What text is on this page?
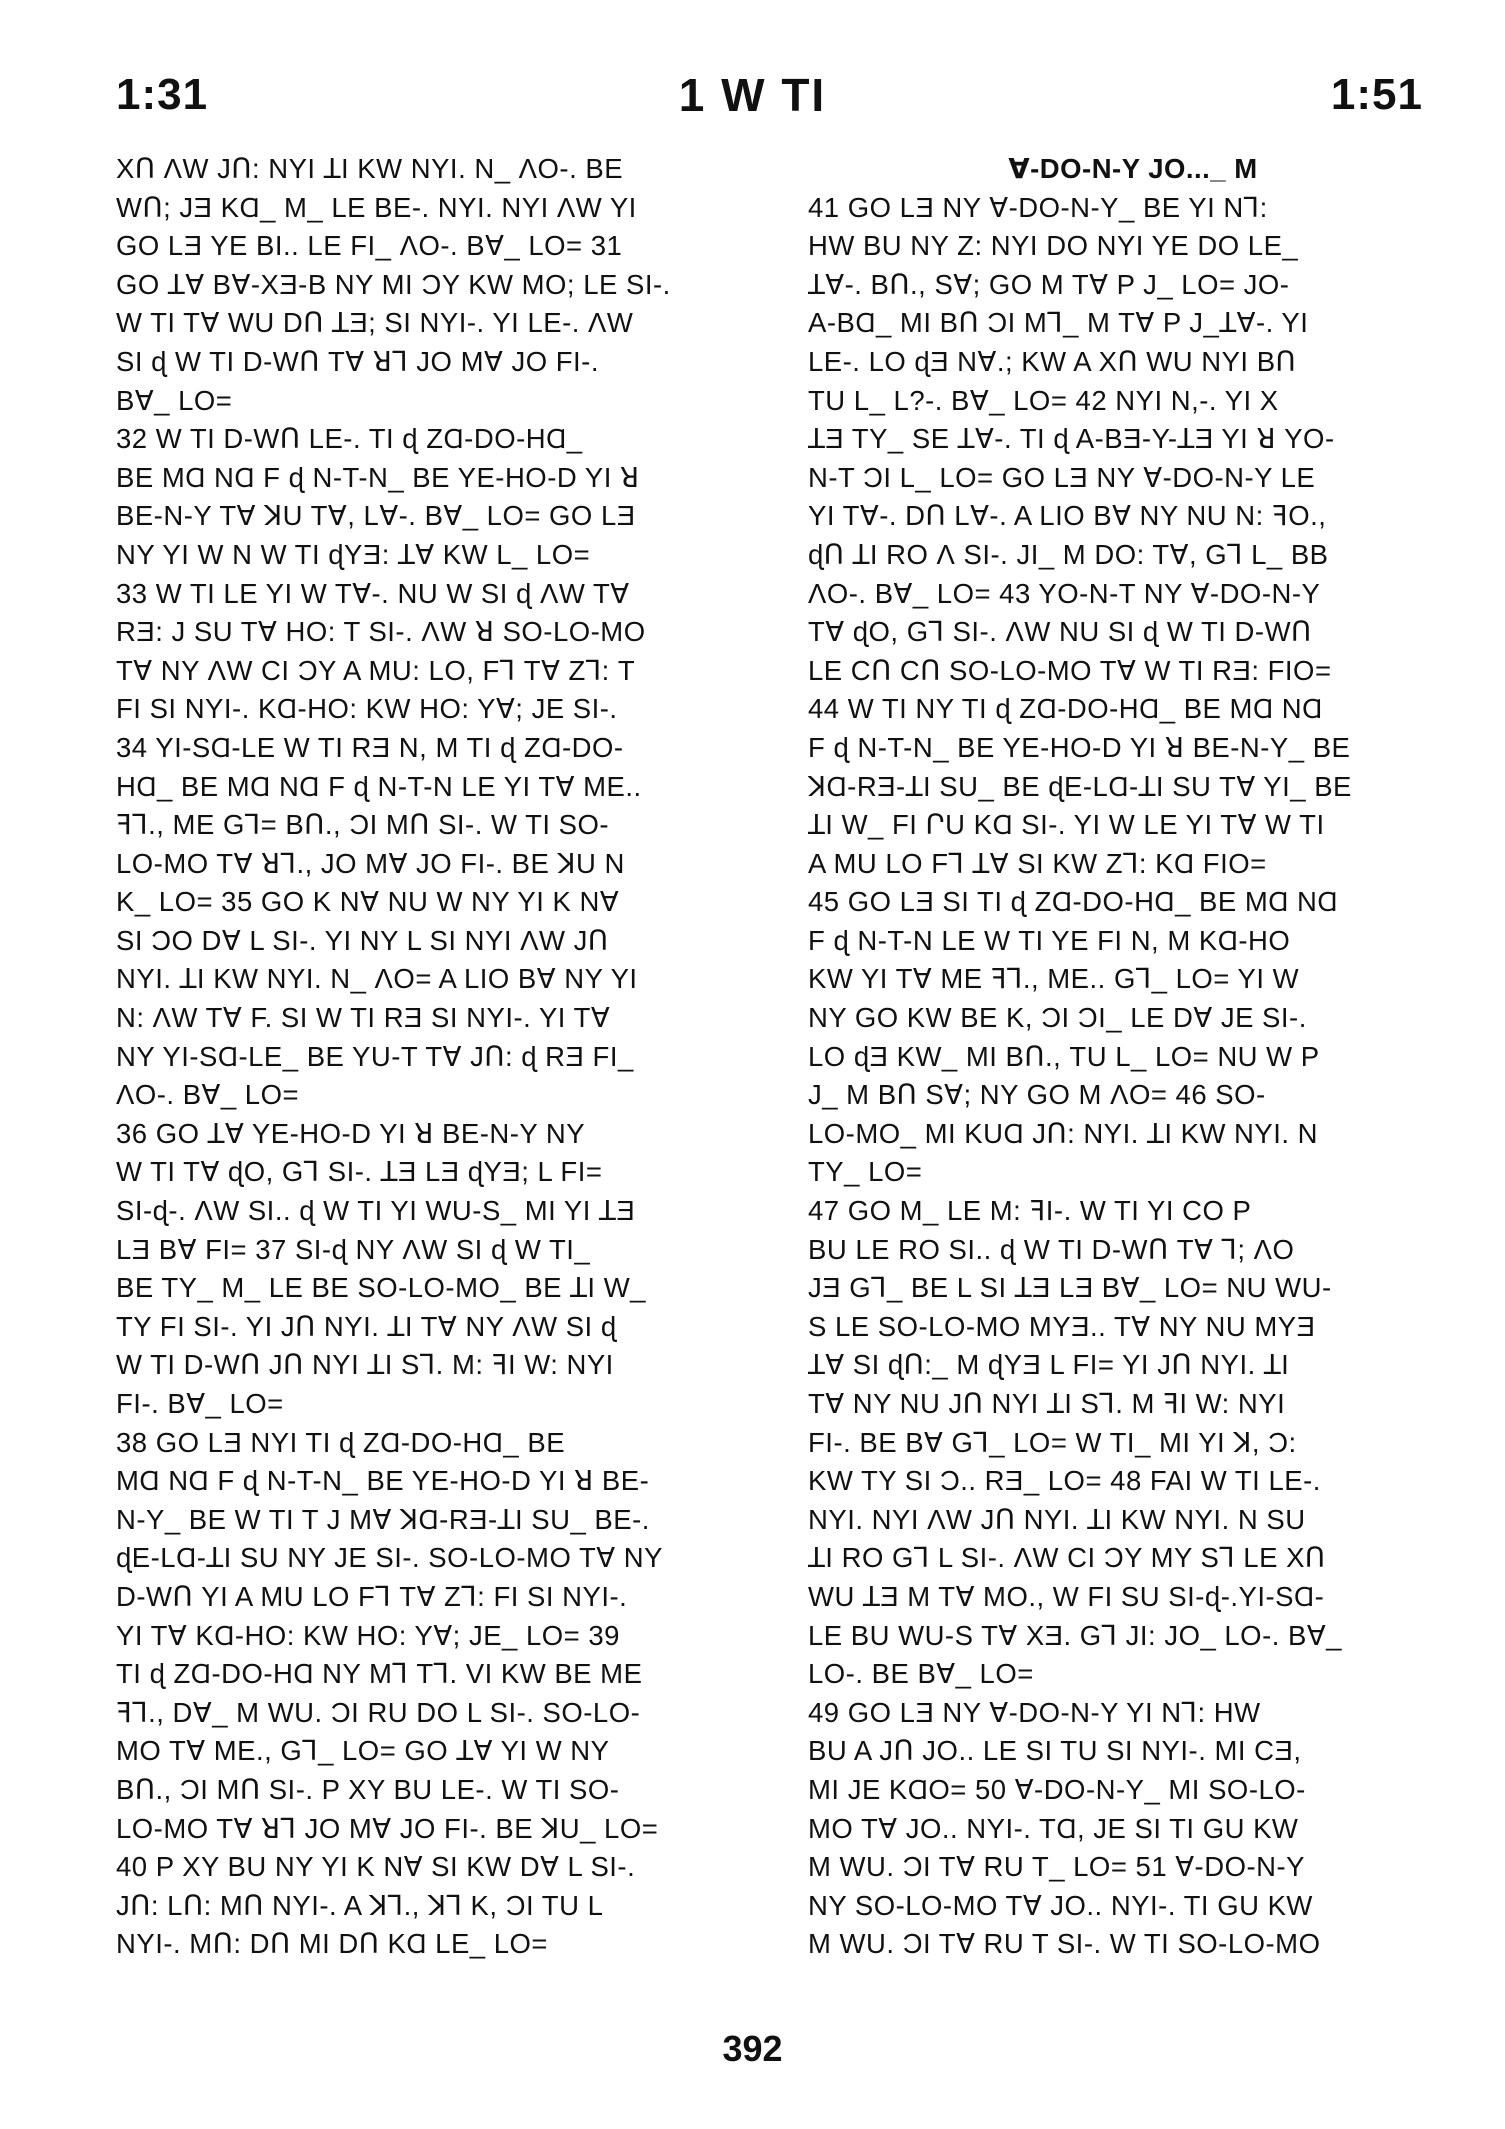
1:31	1 W TI	1:51
XՈ ɅW JՈ: NYI ꓕI KW NYI. N_ ɅO-. BE
WՈ; JƎ KⱭ_ M_ LE BE-. NYI. NYI ɅW YI
GO LƎ YE BI.. LE FI_ ɅO-. BⱯ_ LO= 31
GO ꓕⱯ BⱯ-XƎ-B NY MI ƆY KW MO; LE SI-.
W TI TⱯ WU DՈ ꓕƎ; SI NYI-. YI LE-. ɅW
SI ɖ W TI D-WՈ TⱯ ꓤꓶ JO MⱯ JO FI-.
BⱯ_ LO=
32 W TI D-WՈ LE-. TI ɖ ZⱭ-DO-HⱭ_
BE MⱭ NⱭ F ɖ N-T-N_ BE YE-HO-D YI ꓤ
BE-N-Y TⱯ ꓘU TⱯ, LⱯ-. BⱯ_ LO= GO LƎ
NY YI W N W TI ɖYƎ: ꓕⱯ KW L_ LO=
33 W TI LE YI W TⱯ-. NU W SI ɖ ɅW TⱯ
RƎ: J SU TⱯ HO: T SI-. ɅW ꓤ SO-LO-MO
TⱯ NY ɅW CI ƆY A MU: LO, Fꓶ TⱯ Zꓶ: T
FI SI NYI-. KⱭ-HO: KW HO: YⱯ; JE SI-.
34 YI-SⱭ-LE W TI RƎ N, M TI ɖ ZⱭ-DO-
HⱭ_ BE MⱭ NⱭ F ɖ N-T-N LE YI TⱯ ME..
ꟻꓶ., ME Gꓶ= BՈ., ƆI MՈ SI-. W TI SO-
LO-MO TⱯ ꓤꓶ., JO MⱯ JO FI-. BE ꓘU N
K_ LO= 35 GO K NⱯ NU W NY YI K NⱯ
SI ƆO DⱯ L SI-. YI NY L SI NYI ɅW JՈ
NYI. ꓕI KW NYI. N_ ɅO= A LIO BⱯ NY YI
N: ɅW TⱯ F. SI W TI RƎ SI NYI-. YI TⱯ
NY YI-SⱭ-LE_ BE YU-T TⱯ JՈ: ɖ RƎ FI_
ɅO-. BⱯ_ LO=
36 GO ꓕⱯ YE-HO-D YI ꓤ BE-N-Y NY
W TI TⱯ ɖO, Gꓶ SI-. ꓕƎ LƎ ɖYƎ; L FI=
SI-ɖ-. ɅW SI.. ɖ W TI YI WU-S_ MI YI ꓕƎ
LƎ BⱯ FI= 37 SI-ɖ NY ɅW SI ɖ W TI_
BE TY_ M_ LE BE SO-LO-MO_ BE ꓕI W_
TY FI SI-. YI JՈ NYI. ꓕI TⱯ NY ɅW SI ɖ
W TI D-WՈ JՈ NYI ꓕI Sꓶ. M: ꟻI W: NYI
FI-. BⱯ_ LO=
38 GO LƎ NYI TI ɖ ZⱭ-DO-HⱭ_ BE
MⱭ NⱭ F ɖ N-T-N_ BE YE-HO-D YI ꓤ BE-
N-Y_ BE W TI T J MⱯ ꓘⱭ-RƎ-ꓕI SU_ BE-.
ɖE-LⱭ-ꓕI SU NY JE SI-. SO-LO-MO TⱯ NY
D-WՈ YI A MU LO Fꓶ TⱯ Zꓶ: FI SI NYI-.
YI TⱯ KⱭ-HO: KW HO: YⱯ; JE_ LO= 39
TI ɖ ZⱭ-DO-HⱭ NY Mꓶ Tꓶ. VI KW BE ME
ꟻꓶ., DⱯ_ M WU. ƆI RU DO L SI-. SO-LO-
MO TⱯ ME., Gꓶ_ LO= GO ꓕⱯ YI W NY
BՈ., ƆI MՈ SI-. P XY BU LE-. W TI SO-
LO-MO TⱯ ꓤꓶ JO MⱯ JO FI-. BE ꓘU_ LO=
40 P XY BU NY YI K NⱯ SI KW DⱯ L SI-.
JՈ: LՈ: MՈ NYI-. A ꓘꓶ., ꓘꓶ K, ƆI TU L
NYI-. MՈ: DՈ MI DՈ KⱭ LE_ LO=
Ɐ-DO-N-Y JO..._ M
41 GO LƎ NY Ɐ-DO-N-Y_ BE YI Nꓶ:
HW BU NY Z: NYI DO NYI YE DO LE_
ꓕⱯ-. BՈ., SⱯ; GO M TⱯ P J_ LO= JO-
A-BⱭ_ MI BՈ ƆI Mꓶ_ M TⱯ P J_ꓕⱯ-. YI
LE-. LO ɖƎ NⱯ.; KW A XՈ WU NYI BՈ
TU L_ L?-. BⱯ_ LO= 42 NYI N,-. YI X
ꓕƎ TY_ SE ꓕⱯ-. TI ɖ A-BƎ-Y-ꓕƎ YI ꓤ YO-
N-T ƆI L_ LO= GO LƎ NY Ɐ-DO-N-Y LE
YI TⱯ-. DՈ LⱯ-. A LIO BⱯ NY NU N: ꟻO.,
ɖՈ ꓕI RO Ʌ SI-. JI_ M DO: TⱯ, Gꓶ L_ BB
ɅO-. BⱯ_ LO= 43 YO-N-T NY Ɐ-DO-N-Y
TⱯ ɖO, Gꓶ SI-. ɅW NU SI ɖ W TI D-WՈ
LE CՈ CՈ SO-LO-MO TⱯ W TI RƎ: FIO=
44 W TI NY TI ɖ ZⱭ-DO-HⱭ_ BE MⱭ NⱭ
F ɖ N-T-N_ BE YE-HO-D YI ꓤ BE-N-Y_ BE
ꓘⱭ-RƎ-ꓕI SU_ BE ɖE-LⱭ-ꓕI SU TⱯ YI_ BE
ꓕI W_ FI ՐU KⱭ SI-. YI W LE YI TⱯ W TI
A MU LO Fꓶ ꓕⱯ SI KW Zꓶ: KⱭ FIO=
45 GO LƎ SI TI ɖ ZⱭ-DO-HⱭ_ BE MⱭ NⱭ
F ɖ N-T-N LE W TI YE FI N, M KⱭ-HO
KW YI TⱯ ME ꟻꓶ., ME.. Gꓶ_ LO= YI W
NY GO KW BE K, ƆI ƆI_ LE DⱯ JE SI-.
LO ɖƎ KW_ MI BՈ., TU L_ LO= NU W P
J_ M BՈ SⱯ; NY GO M ɅO= 46 SO-
LO-MO_ MI KUⱭ JՈ: NYI. ꓕI KW NYI. N
TY_ LO=
47 GO M_ LE M: ꟻI-. W TI YI CO P
BU LE RO SI.. ɖ W TI D-WՈ TⱯ ꓶ; ɅO
JƎ Gꓶ_ BE L SI ꓕƎ LƎ BⱯ_ LO= NU WU-
S LE SO-LO-MO MYƎ.. TⱯ NY NU MYƎ
ꓕⱯ SI ɖՈ:_ M ɖYƎ L FI= YI JՈ NYI. ꓕI
TⱯ NY NU JՈ NYI ꓕI Sꓶ. M ꟻI W: NYI
FI-. BE BⱯ Gꓶ_ LO= W TI_ MI YI ꓘ, Ɔ:
KW TY SI Ɔ.. RƎ_ LO= 48 FAI W TI LE-.
NYI. NYI ɅW JՈ NYI. ꓕI KW NYI. N SU
ꓕI RO Gꓶ L SI-. ɅW CI ƆY MY Sꓶ LE XՈ
WU ꓕƎ M TⱯ MO., W FI SU SI-ɖ-.YI-SⱭ-
LE BU WU-S TⱯ XƎ. Gꓶ JI: JO_ LO-. BⱯ_
LO-. BE BⱯ_ LO=
49 GO LƎ NY Ɐ-DO-N-Y YI Nꓶ: HW
BU A JՈ JO.. LE SI TU SI NYI-. MI CƎ,
MI JE KⱭO= 50 Ɐ-DO-N-Y_ MI SO-LO-
MO TⱯ JO.. NYI-. TⱭ, JE SI TI GU KW
M WU. ƆI TⱯ RU T_ LO= 51 Ɐ-DO-N-Y
NY SO-LO-MO TⱯ JO.. NYI-. TI GU KW
M WU. ƆI TⱯ RU T SI-. W TI SO-LO-MO
392
